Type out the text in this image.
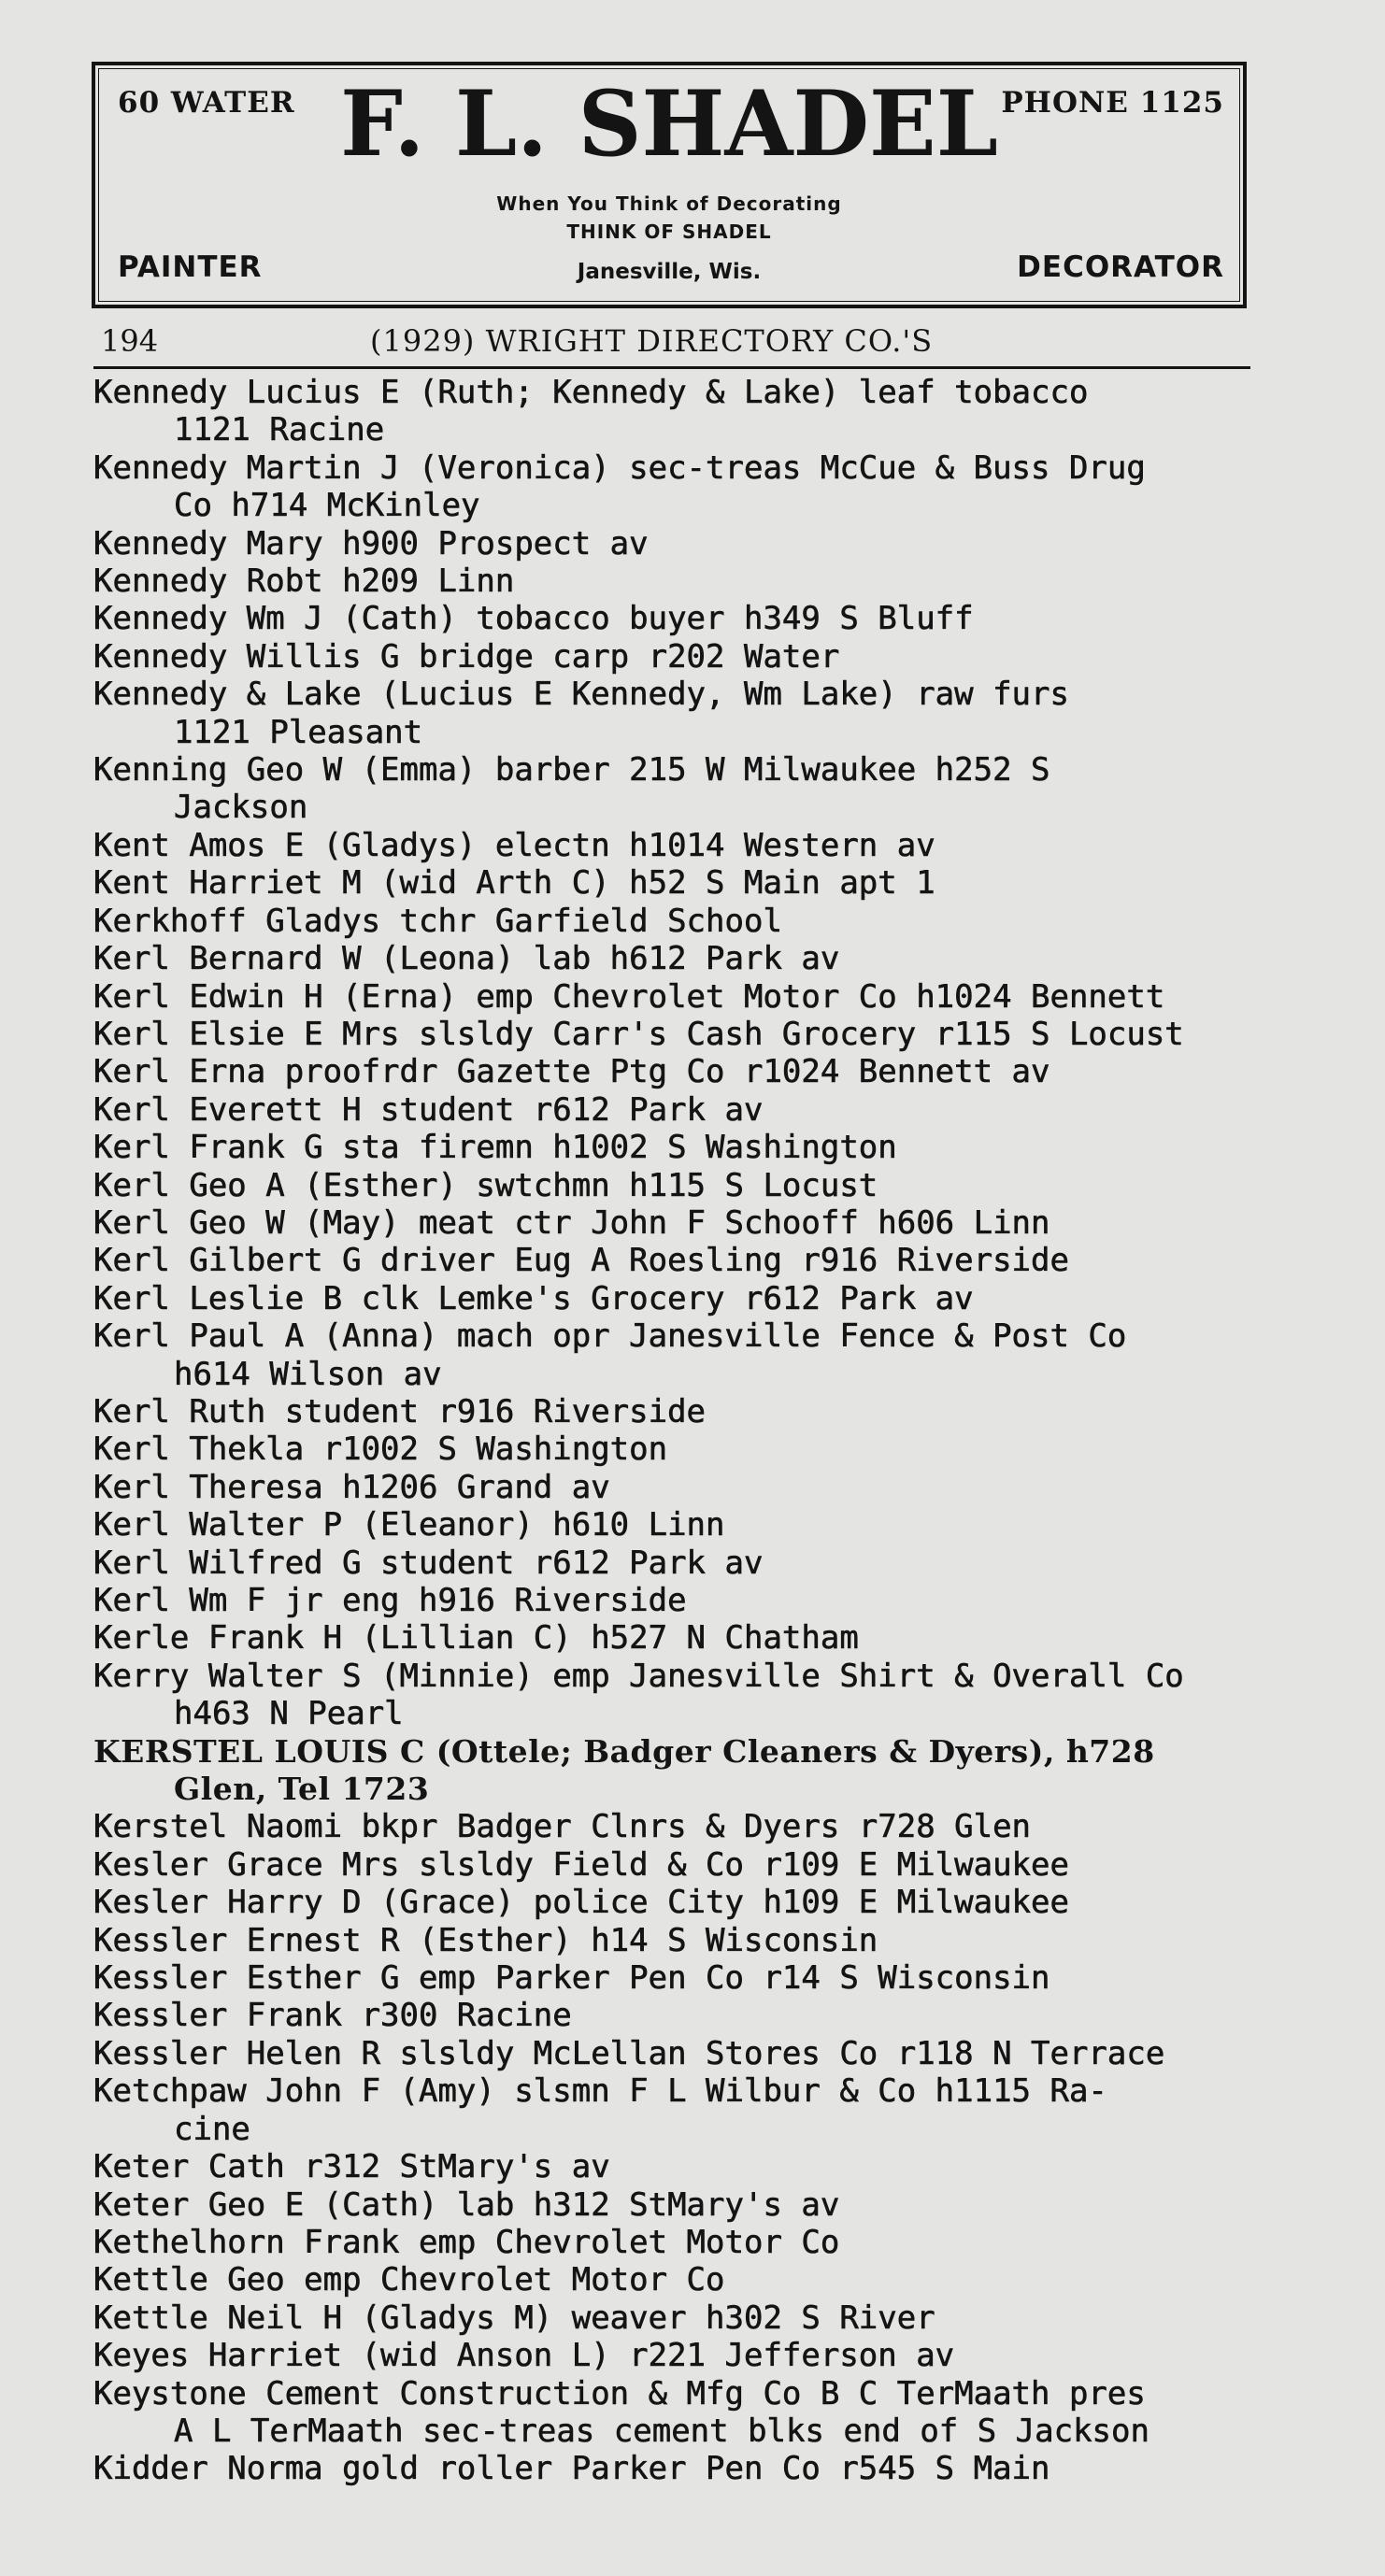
60 WATER F. L. SHADEL PHONE 1125
When You Think of Decorating
THINK OF SHADEL
PAINTER	Janesville, Wis.	DECORATOR
194	(1929) WRIGHT DIRECTORY CO.'S
Kennedy Lucius E (Ruth; Kennedy & Lake) leaf tobacco
1121 Racine
Kennedy Martin J (Veronica) sec-treas McCue & Buss Drug
Co h714 McKinley
Kennedy Mary h900 Prospect av
Kennedy Robt h209 Linn
Kennedy Wm J (Cath) tobacco buyer h349 S Bluff
Kennedy Willis G bridge carp r202 Water
Kennedy & Lake (Lucius E Kennedy, Wm Lake) raw furs
1121 Pleasant
Kenning Geo W (Emma) barber 215 W Milwaukee h252 S
Jackson
Kent Amos E (Gladys) electn h1014 Western av
Kent Harriet M (wid Arth C) h52 S Main apt 1
Kerkhoff Gladys tchr Garfield School
Kerl Bernard W (Leona) lab h612 Park av
Kerl Edwin H (Erna) emp Chevrolet Motor Co h1024 Bennett
Kerl Elsie E Mrs slsldy Carr's Cash Grocery r115 S Locust
Kerl Erna proofrdr Gazette Ptg Co r1024 Bennett av
Kerl Everett H student r612 Park av
Kerl Frank G sta firemn h1002 S Washington
Kerl Geo A (Esther) swtchmn h115 S Locust
Kerl Geo W (May) meat ctr John F Schooff h606 Linn
Kerl Gilbert G driver Eug A Roesling r916 Riverside
Kerl Leslie B clk Lemke's Grocery r612 Park av
Kerl Paul A (Anna) mach opr Janesville Fence & Post Co
h614 Wilson av
Kerl Ruth student r916 Riverside
Kerl Thekla r1002 S Washington
Kerl Theresa h1206 Grand av
Kerl Walter P (Eleanor) h610 Linn
Kerl Wilfred G student r612 Park av
Kerl Wm F jr eng h916 Riverside
Kerle Frank H (Lillian C) h527 N Chatham
Kerry Walter S (Minnie) emp Janesville Shirt & Overall Co
h463 N Pearl
KERSTEL LOUIS C (Ottele; Badger Cleaners & Dyers), h728
Glen, Tel 1723
Kerstel Naomi bkpr Badger Clnrs & Dyers r728 Glen
Kesler Grace Mrs slsldy Field & Co r109 E Milwaukee
Kesler Harry D (Grace) police City h109 E Milwaukee
Kessler Ernest R (Esther) h14 S Wisconsin
Kessler Esther G emp Parker Pen Co r14 S Wisconsin
Kessler Frank r300 Racine
Kessler Helen R slsldy McLellan Stores Co r118 N Terrace
Ketchpaw John F (Amy) slsmn F L Wilbur & Co h1115 Ra-
cine
Keter Cath r312 StMary's av
Keter Geo E (Cath) lab h312 StMary's av
Kethelhorn Frank emp Chevrolet Motor Co
Kettle Geo emp Chevrolet Motor Co
Kettle Neil H (Gladys M) weaver h302 S River
Keyes Harriet (wid Anson L) r221 Jefferson av
Keystone Cement Construction & Mfg Co B C TerMaath pres
A L TerMaath sec-treas cement blks end of S Jackson
Kidder Norma gold roller Parker Pen Co r545 S Main
